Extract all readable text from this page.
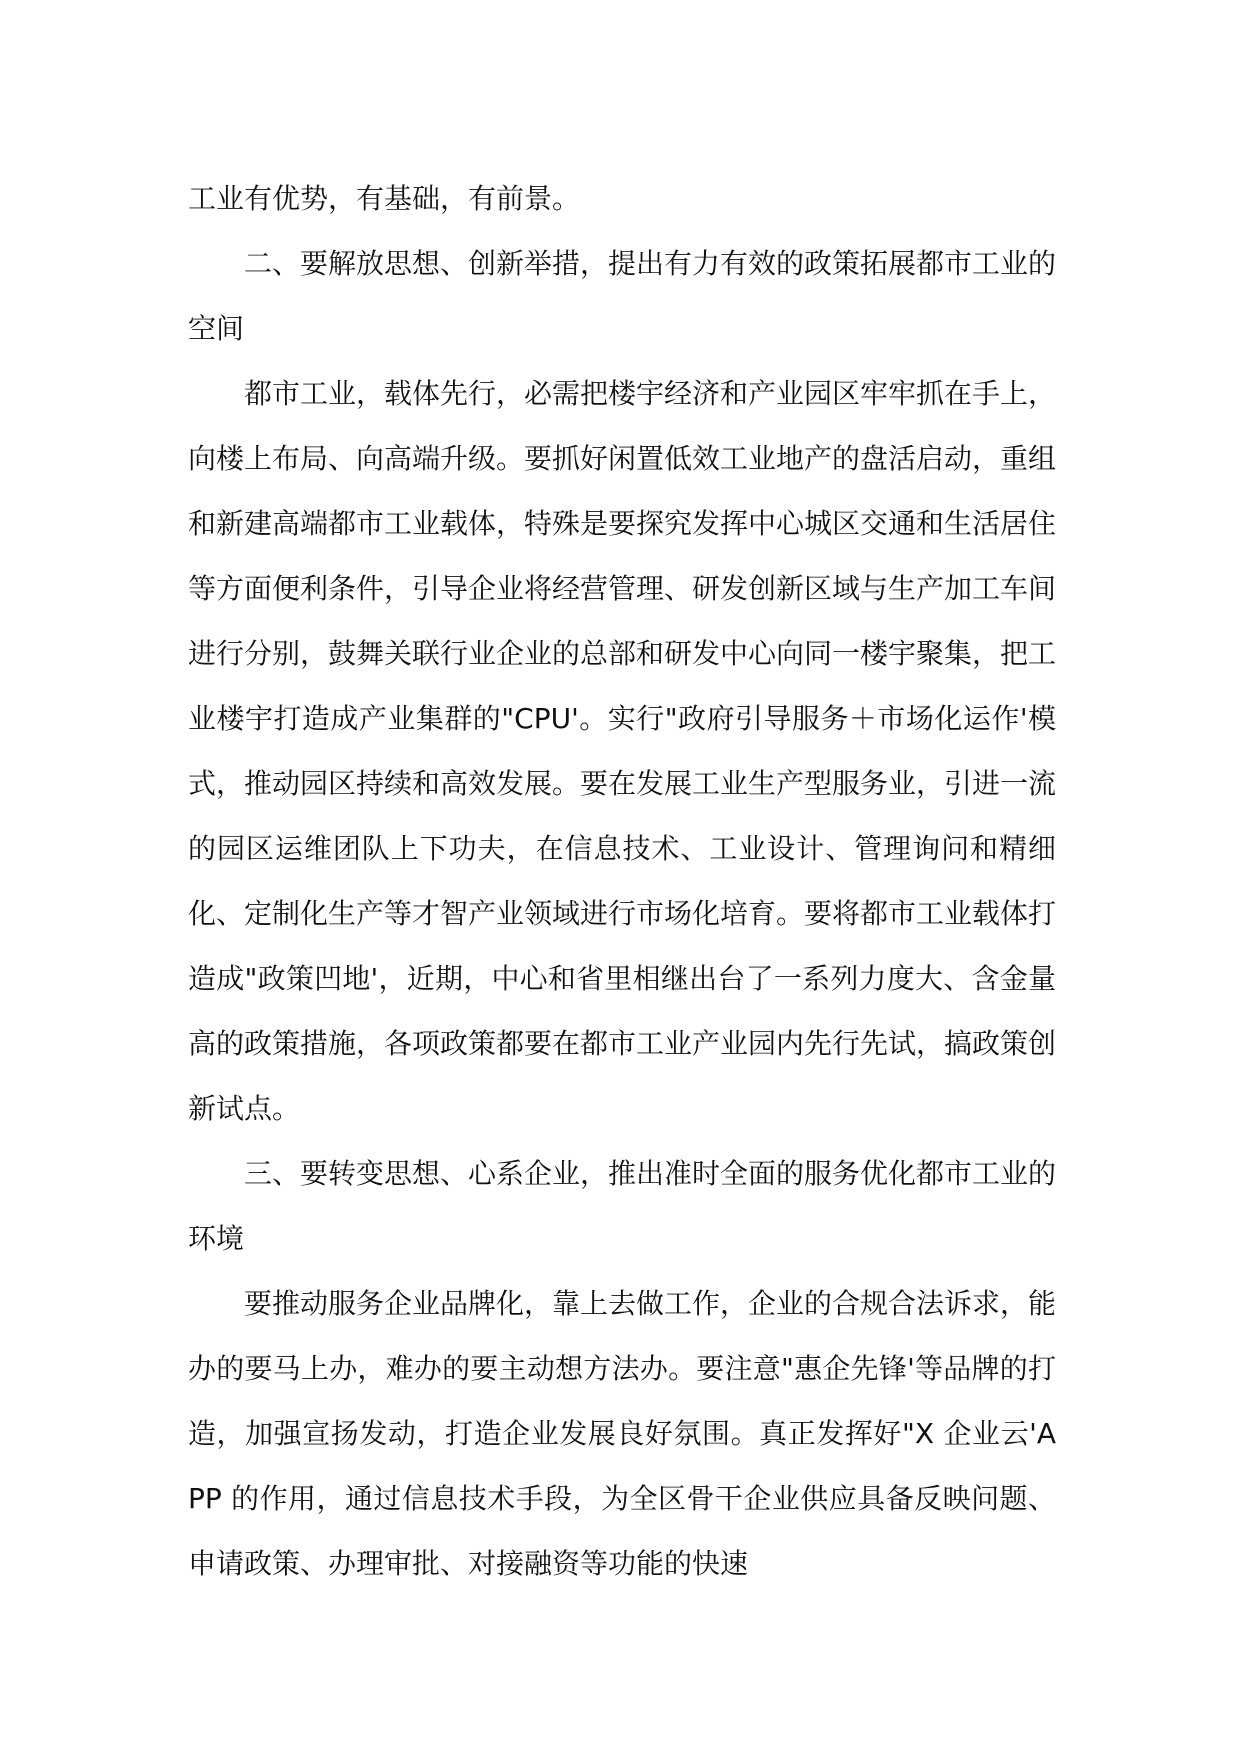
工业有优势，有基础，有前景。

二、要解放思想、创新举措，提出有力有效的政策拓展都市工业的空间

都市工业，载体先行，必需把楼宇经济和产业园区牢牢抓在手上，向楼上布局、向高端升级。要抓好闲置低效工业地产的盘活启动，重组和新建高端都市工业载体，特殊是要探究发挥中心城区交通和生活居住等方面便利条件，引导企业将经营管理、研发创新区域与生产加工车间进行分别，鼓舞关联行业企业的总部和研发中心向同一楼宇聚集，把工业楼宇打造成产业集群的"CPU'。实行"政府引导服务＋市场化运作'模式，推动园区持续和高效发展。要在发展工业生产型服务业，引进一流的园区运维团队上下功夫，在信息技术、工业设计、管理询问和精细化、定制化生产等才智产业领域进行市场化培育。要将都市工业载体打造成"政策凹地'，近期，中心和省里相继出台了一系列力度大、含金量高的政策措施，各项政策都要在都市工业产业园内先行先试，搞政策创新试点。

三、要转变思想、心系企业，推出准时全面的服务优化都市工业的环境

要推动服务企业品牌化，靠上去做工作，企业的合规合法诉求，能办的要马上办，难办的要主动想方法办。要注意"惠企先锋'等品牌的打造，加强宣扬发动，打造企业发展良好氛围。真正发挥好"X 企业云'APP 的作用，通过信息技术手段，为全区骨干企业供应具备反映问题、申请政策、办理审批、对接融资等功能的快速
